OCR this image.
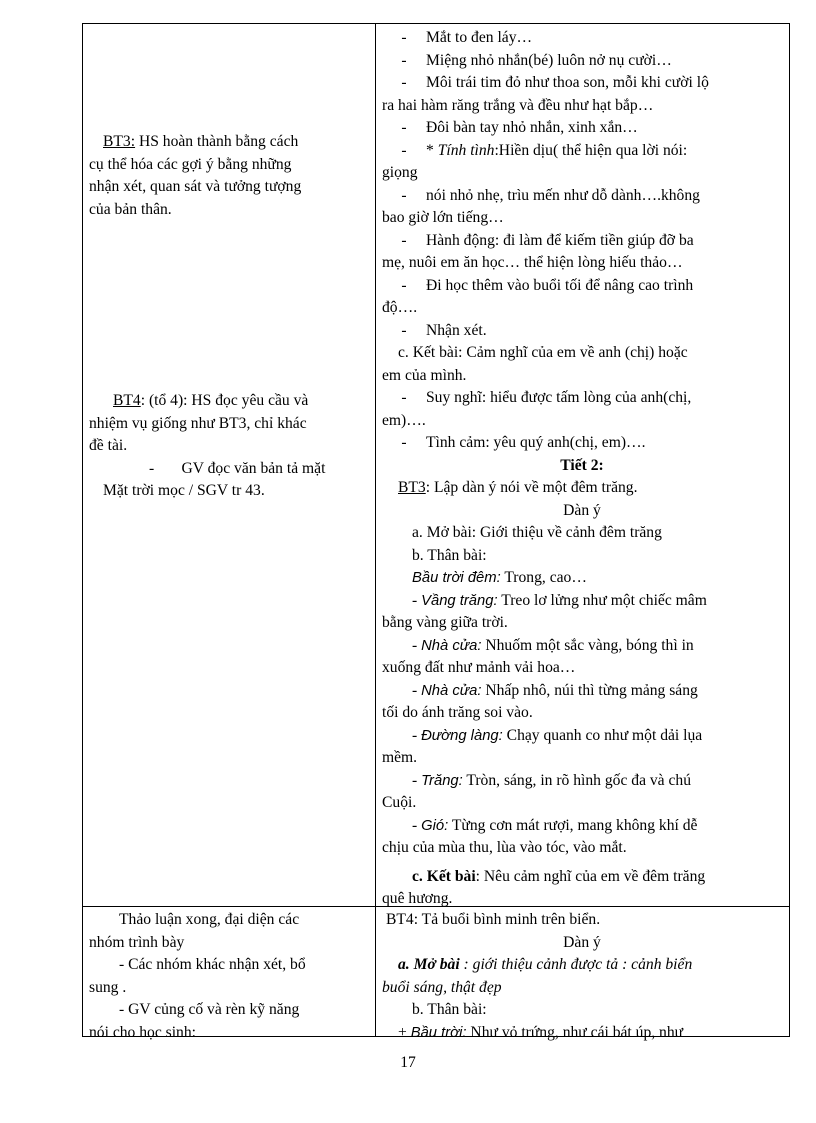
BT3: HS hoàn thành bằng cách
cụ thể hóa các gợi ý bằng những
nhận xét, quan sát và tưởng tượng
của bản thân.
BT4: (tổ 4): HS đọc yêu cầu và
nhiệm vụ giống như BT3, chỉ khác
đề tài.
- GV đọc văn bản tả mặt
Mặt trời mọc / SGV tr 43.
- Mắt to đen láy…
- Miệng nhỏ nhắn(bé) luôn nở nụ cười…
- Môi trái tim đỏ như thoa son, mỗi khi cười lộ
ra hai hàm răng trắng và đều như hạt bắp…
- Đôi bàn tay nhỏ nhắn, xinh xắn…
- * Tính tình:Hiền dịu( thể hiện qua lời nói:
giọng
- nói nhỏ nhẹ, trìu mến như dỗ dành….không
bao giờ lớn tiếng…
- Hành động: đi làm để kiếm tiền giúp đỡ ba
mẹ, nuôi em ăn học… thể hiện lòng hiếu thảo…
- Đi học thêm vào buổi tối để nâng cao trình
độ….
- Nhận xét.
c. Kết bài: Cảm nghĩ của em về anh (chị) hoặc
em của mình.
- Suy nghĩ: hiểu được tấm lòng của anh(chị,
em)….
- Tình cảm: yêu quý anh(chị, em)….
Tiết 2:
BT3: Lập dàn ý nói về một đêm trăng.
Dàn ý
a. Mở bài: Giới thiệu về cảnh đêm trăng
b. Thân bài:
Bầu trời đêm: Trong, cao…
- Vầng trăng: Treo lơ lửng như một chiếc mâm
bằng vàng giữa trời.
- Nhà cửa: Nhuốm một sắc vàng, bóng thì in
xuống đất như mảnh vải hoa…
- Nhà cửa: Nhấp nhô, núi thì từng mảng sáng
tối do ánh trăng soi vào.
- Đường làng: Chạy quanh co như một dải lụa
mềm.
- Trăng: Tròn, sáng, in rõ hình gốc đa và chú
Cuội.
- Gió: Từng cơn mát rượi, mang không khí dễ
chịu của mùa thu, lùa vào tóc, vào mắt.
c. Kết bài: Nêu cảm nghĩ của em về đêm trăng
quê hương.
Thảo luận xong, đại diện các
nhóm trình bày
- Các nhóm khác nhận xét, bổ
sung .
- GV củng cố và rèn kỹ năng
nói cho học sinh:
BT4: Tả buổi bình minh trên biển.
Dàn ý
a. Mở bài : giới thiệu cảnh được tả : cảnh biển
buổi sáng, thật đẹp
b. Thân bài:
+ Bầu trời: Như vỏ trứng, như cái bát úp, như
17
